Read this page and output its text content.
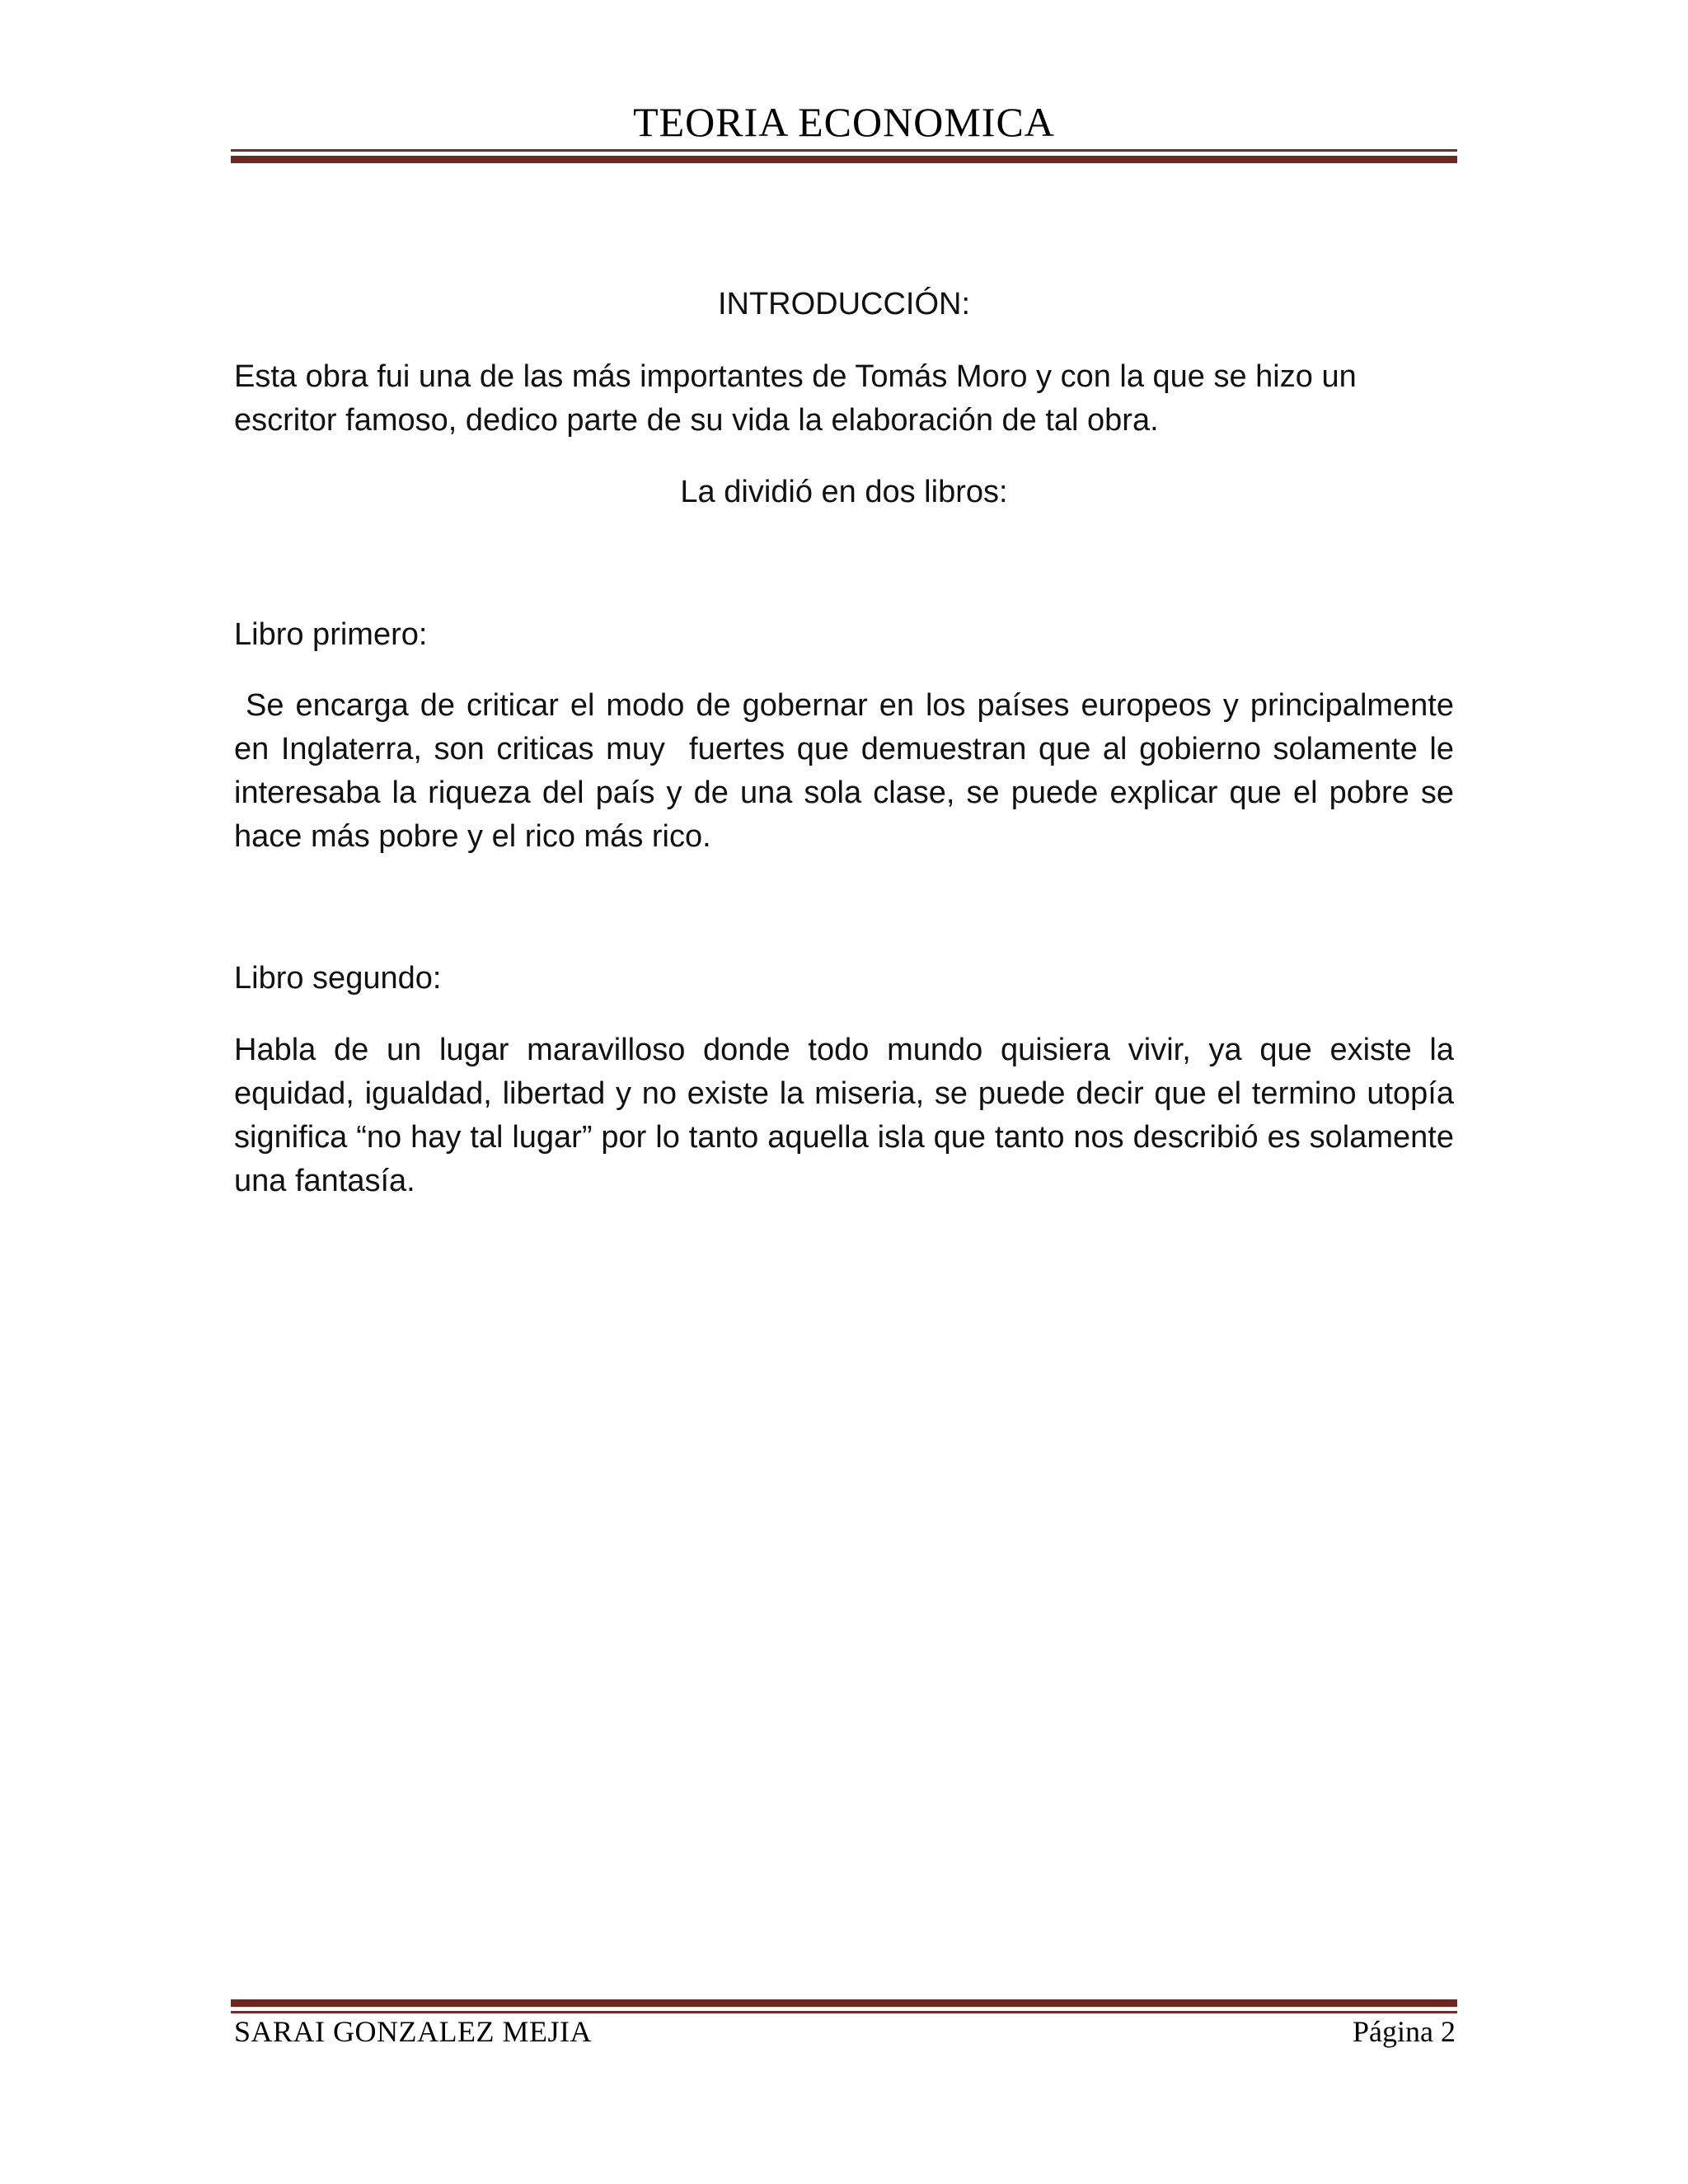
TEORIA ECONOMICA
INTRODUCCIÓN:
Esta obra fui una de las más importantes de Tomás Moro y con la que se hizo un escritor famoso, dedico parte de su vida la elaboración de tal obra.
La dividió en dos libros:
Libro primero:
Se encarga de criticar el modo de gobernar en los países europeos y principalmente en Inglaterra, son criticas muy  fuertes que demuestran que al gobierno solamente le interesaba la riqueza del país y de una sola clase, se puede explicar que el pobre se hace más pobre y el rico más rico.
Libro segundo:
Habla de un lugar maravilloso donde todo mundo quisiera vivir, ya que existe la equidad, igualdad, libertad y no existe la miseria, se puede decir que el termino utopía significa “no hay tal lugar” por lo tanto aquella isla que tanto nos describió es solamente una fantasía.
SARAI GONZALEZ MEJIA	Página 2
